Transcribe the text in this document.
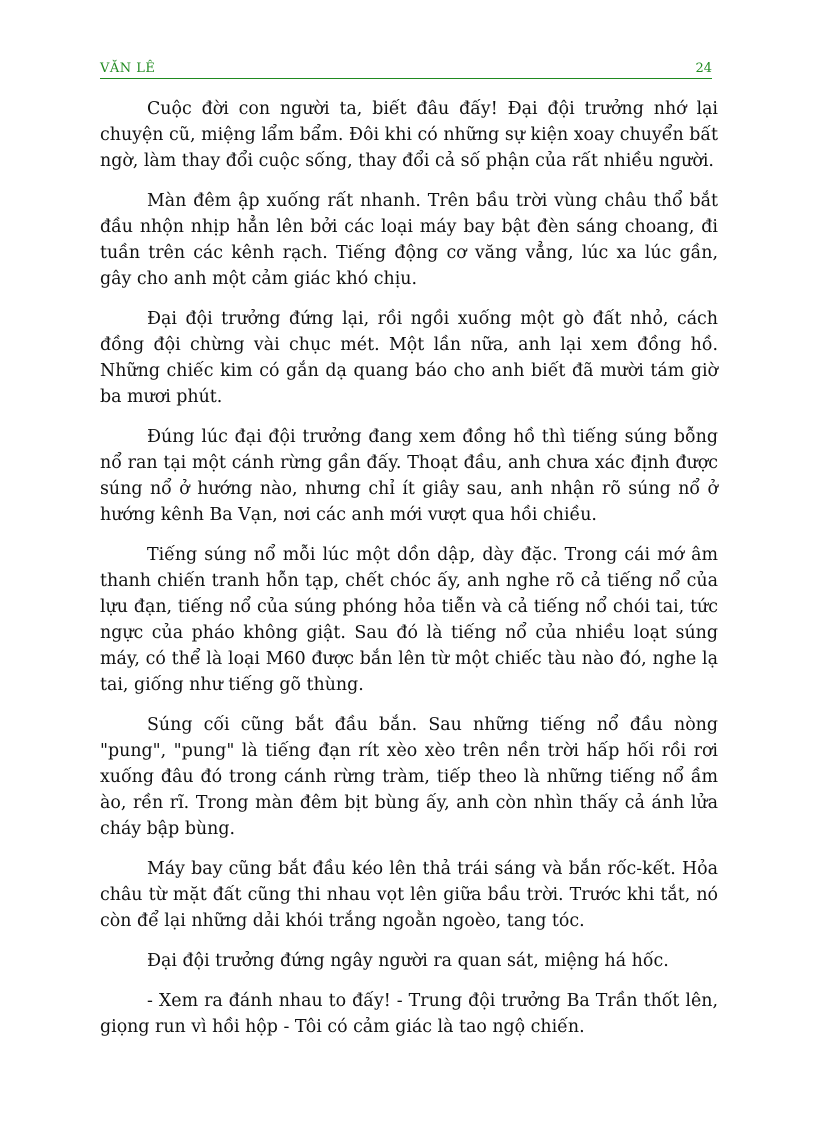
VĂN LÊ	24

Cuộc đời con người ta, biết đâu đấy! Đại đội trưởng nhớ lại chuyện cũ, miệng lẩm bẩm. Đôi khi có những sự kiện xoay chuyển bất ngờ, làm thay đổi cuộc sống, thay đổi cả số phận của rất nhiều người.

Màn đêm ập xuống rất nhanh. Trên bầu trời vùng châu thổ bắt đầu nhộn nhịp hẳn lên bởi các loại máy bay bật đèn sáng choang, đi tuần trên các kênh rạch. Tiếng động cơ văng vẳng, lúc xa lúc gần, gây cho anh một cảm giác khó chịu.

Đại đội trưởng đứng lại, rồi ngồi xuống một gò đất nhỏ, cách đồng đội chừng vài chục mét. Một lần nữa, anh lại xem đồng hồ. Những chiếc kim có gắn dạ quang báo cho anh biết đã mười tám giờ ba mươi phút.

Đúng lúc đại đội trưởng đang xem đồng hồ thì tiếng súng bỗng nổ ran tại một cánh rừng gần đấy. Thoạt đầu, anh chưa xác định được súng nổ ở hướng nào, nhưng chỉ ít giây sau, anh nhận rõ súng nổ ở hướng kênh Ba Vạn, nơi các anh mới vượt qua hồi chiều.

Tiếng súng nổ mỗi lúc một dồn dập, dày đặc. Trong cái mớ âm thanh chiến tranh hỗn tạp, chết chóc ấy, anh nghe rõ cả tiếng nổ của lựu đạn, tiếng nổ của súng phóng hỏa tiễn và cả tiếng nổ chói tai, tức ngực của pháo không giật. Sau đó là tiếng nổ của nhiều loạt súng máy, có thể là loại M60 được bắn lên từ một chiếc tàu nào đó, nghe lạ tai, giống như tiếng gõ thùng.

Súng cối cũng bắt đầu bắn. Sau những tiếng nổ đầu nòng "pung", "pung" là tiếng đạn rít xèo xèo trên nền trời hấp hối rồi rơi xuống đâu đó trong cánh rừng tràm, tiếp theo là những tiếng nổ ầm ào, rền rĩ. Trong màn đêm bịt bùng ấy, anh còn nhìn thấy cả ánh lửa cháy bập bùng.

Máy bay cũng bắt đầu kéo lên thả trái sáng và bắn rốc-kết. Hỏa châu từ mặt đất cũng thi nhau vọt lên giữa bầu trời. Trước khi tắt, nó còn để lại những dải khói trắng ngoằn ngoèo, tang tóc.

Đại đội trưởng đứng ngây người ra quan sát, miệng há hốc.

- Xem ra đánh nhau to đấy! - Trung đội trưởng Ba Trần thốt lên, giọng run vì hồi hộp - Tôi có cảm giác là tao ngộ chiến.
